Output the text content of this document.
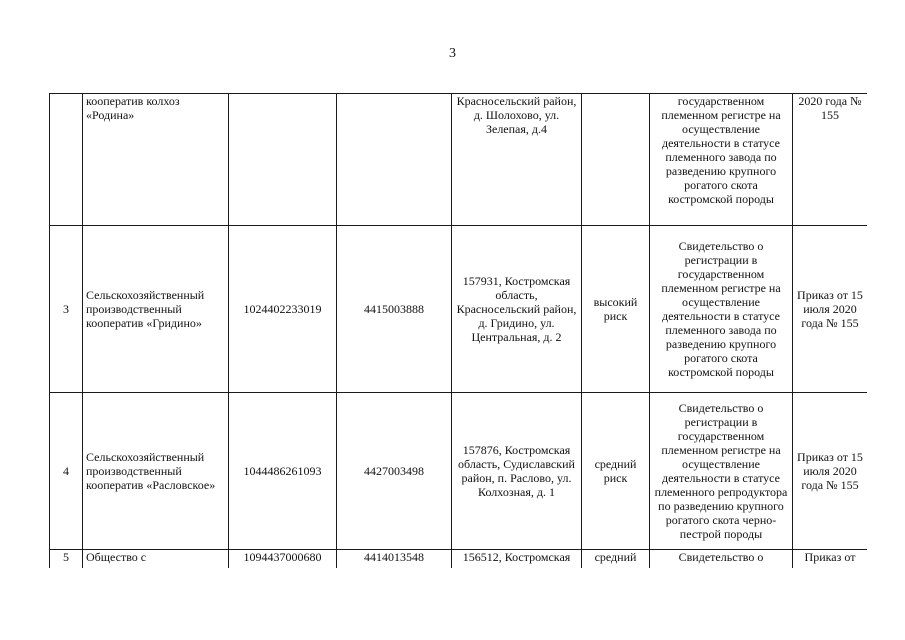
3
	кооператив колхоз «Родина»			Красносельский район, д. Шолохово, ул. Зелепая, д.4		государственном племенном регистре на осуществление деятельности в статусе племенного завода по разведению крупного рогатого скота костромской породы	2020 года № 155
3	Сельскохозяйственный производственный кооператив «Гридино»	1024402233019	4415003888	157931, Костромская область, Красносельский район, д. Гридино, ул. Центральная, д. 2	высокий риск	Свидетельство о регистрации в государственном племенном регистре на осуществление деятельности в статусе племенного завода по разведению крупного рогатого скота костромской породы	Приказ от 15 июля 2020 года № 155
4	Сельскохозяйственный производственный кооператив «Расловское»	1044486261093	4427003498	157876, Костромская область, Судиславский район, п. Раслово, ул. Колхозная, д. 1	средний риск	Свидетельство о регистрации в государственном племенном регистре на осуществление деятельности в статусе племенного репродуктора по разведению крупного рогатого скота черно-пестрой породы	Приказ от 15 июля 2020 года № 155
5	Общество с	1094437000680	4414013548	156512, Костромская	средний	Свидетельство о	Приказ от
